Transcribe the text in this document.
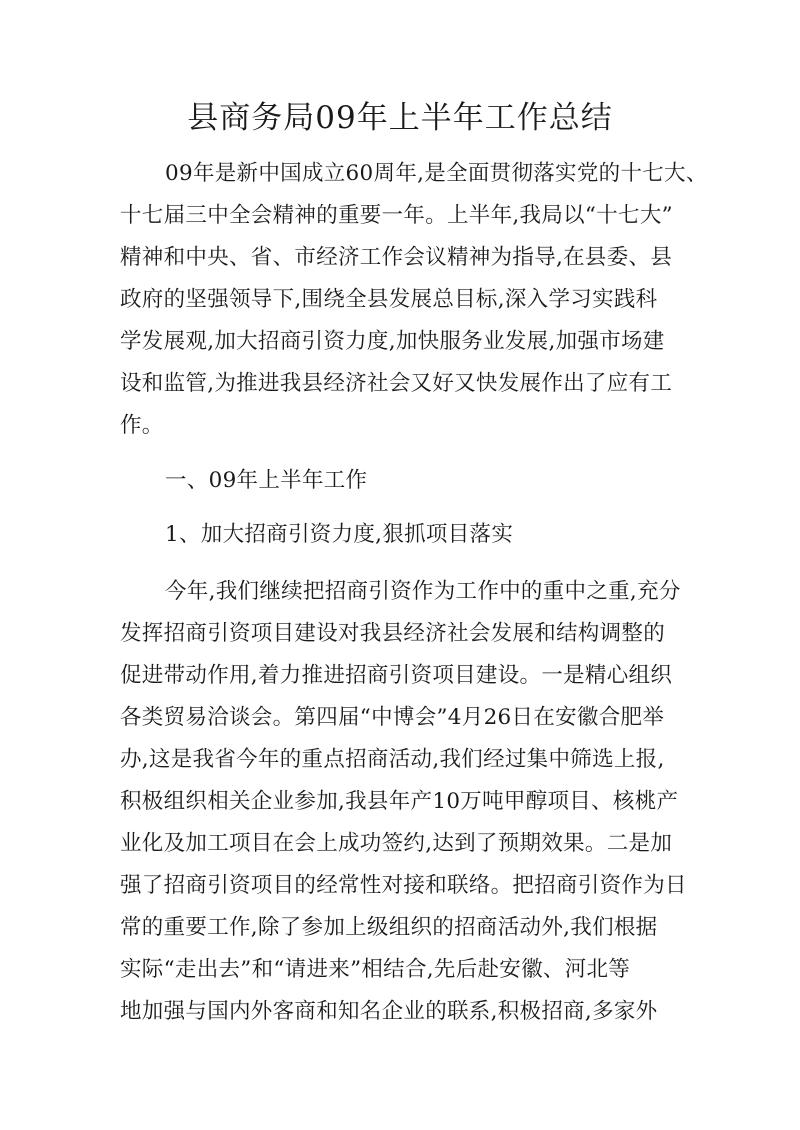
县商务局09年上半年工作总结
09年是新中国成立60周年,是全面贯彻落实党的十七大、
十七届三中全会精神的重要一年。上半年,我局以“十七大”
精神和中央、省、市经济工作会议精神为指导,在县委、县
政府的坚强领导下,围绕全县发展总目标,深入学习实践科
学发展观,加大招商引资力度,加快服务业发展,加强市场建
设和监管,为推进我县经济社会又好又快发展作出了应有工
作。
一、09年上半年工作
1、加大招商引资力度,狠抓项目落实
今年,我们继续把招商引资作为工作中的重中之重,充分
发挥招商引资项目建设对我县经济社会发展和结构调整的
促进带动作用,着力推进招商引资项目建设。一是精心组织
各类贸易洽谈会。第四届“中博会”4月26日在安徽合肥举
办,这是我省今年的重点招商活动,我们经过集中筛选上报,
积极组织相关企业参加,我县年产10万吨甲醇项目、核桃产
业化及加工项目在会上成功签约,达到了预期效果。二是加
强了招商引资项目的经常性对接和联络。把招商引资作为日
常的重要工作,除了参加上级组织的招商活动外,我们根据
实际“走出去”和“请进来”相结合,先后赴安徽、河北等
地加强与国内外客商和知名企业的联系,积极招商,多家外
